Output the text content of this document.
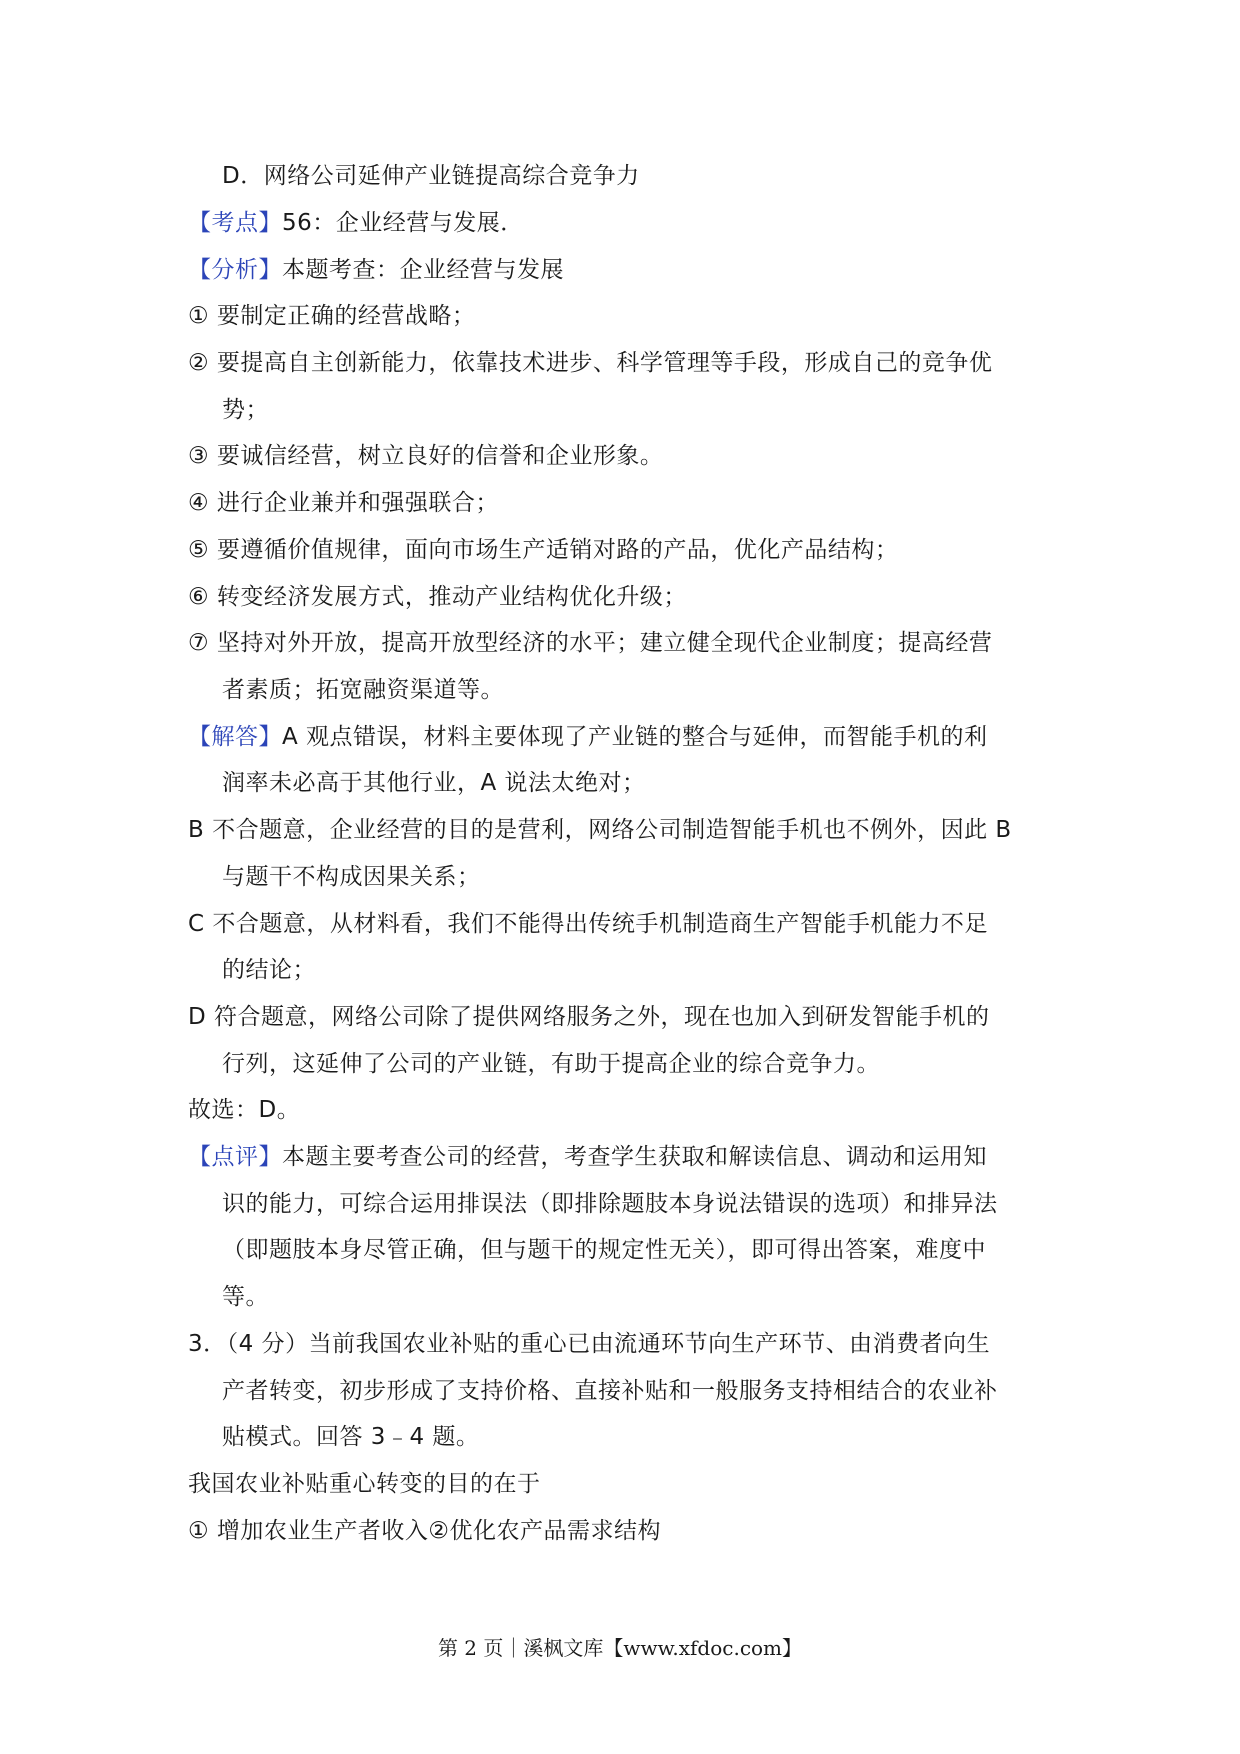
D．网络公司延伸产业链提高综合竞争力
【考点】56：企业经营与发展．
【分析】本题考查：企业经营与发展
① 要制定正确的经营战略；
② 要提高自主创新能力，依靠技术进步、科学管理等手段，形成自己的竞争优
势；
③ 要诚信经营，树立良好的信誉和企业形象。
④ 进行企业兼并和强强联合；
⑤ 要遵循价值规律，面向市场生产适销对路的产品，优化产品结构；
⑥ 转变经济发展方式，推动产业结构优化升级；
⑦ 坚持对外开放，提高开放型经济的水平；建立健全现代企业制度；提高经营
者素质；拓宽融资渠道等。
【解答】A 观点错误，材料主要体现了产业链的整合与延伸，而智能手机的利
润率未必高于其他行业，A 说法太绝对；
B 不合题意，企业经营的目的是营利，网络公司制造智能手机也不例外，因此 B
与题干不构成因果关系；
C 不合题意，从材料看，我们不能得出传统手机制造商生产智能手机能力不足
的结论；
D 符合题意，网络公司除了提供网络服务之外，现在也加入到研发智能手机的
行列，这延伸了公司的产业链，有助于提高企业的综合竞争力。
故选：D。
【点评】本题主要考查公司的经营，考查学生获取和解读信息、调动和运用知
识的能力，可综合运用排误法（即排除题肢本身说法错误的选项）和排异法
（即题肢本身尽管正确，但与题干的规定性无关），即可得出答案，难度中
等。
3．（4 分）当前我国农业补贴的重心已由流通环节向生产环节、由消费者向生
产者转变，初步形成了支持价格、直接补贴和一般服务支持相结合的农业补
贴模式。回答 3﹣4 题。
我国农业补贴重心转变的目的在于
① 增加农业生产者收入②优化农产品需求结构
第 2 页｜溪枫文库【www.xfdoc.com】
